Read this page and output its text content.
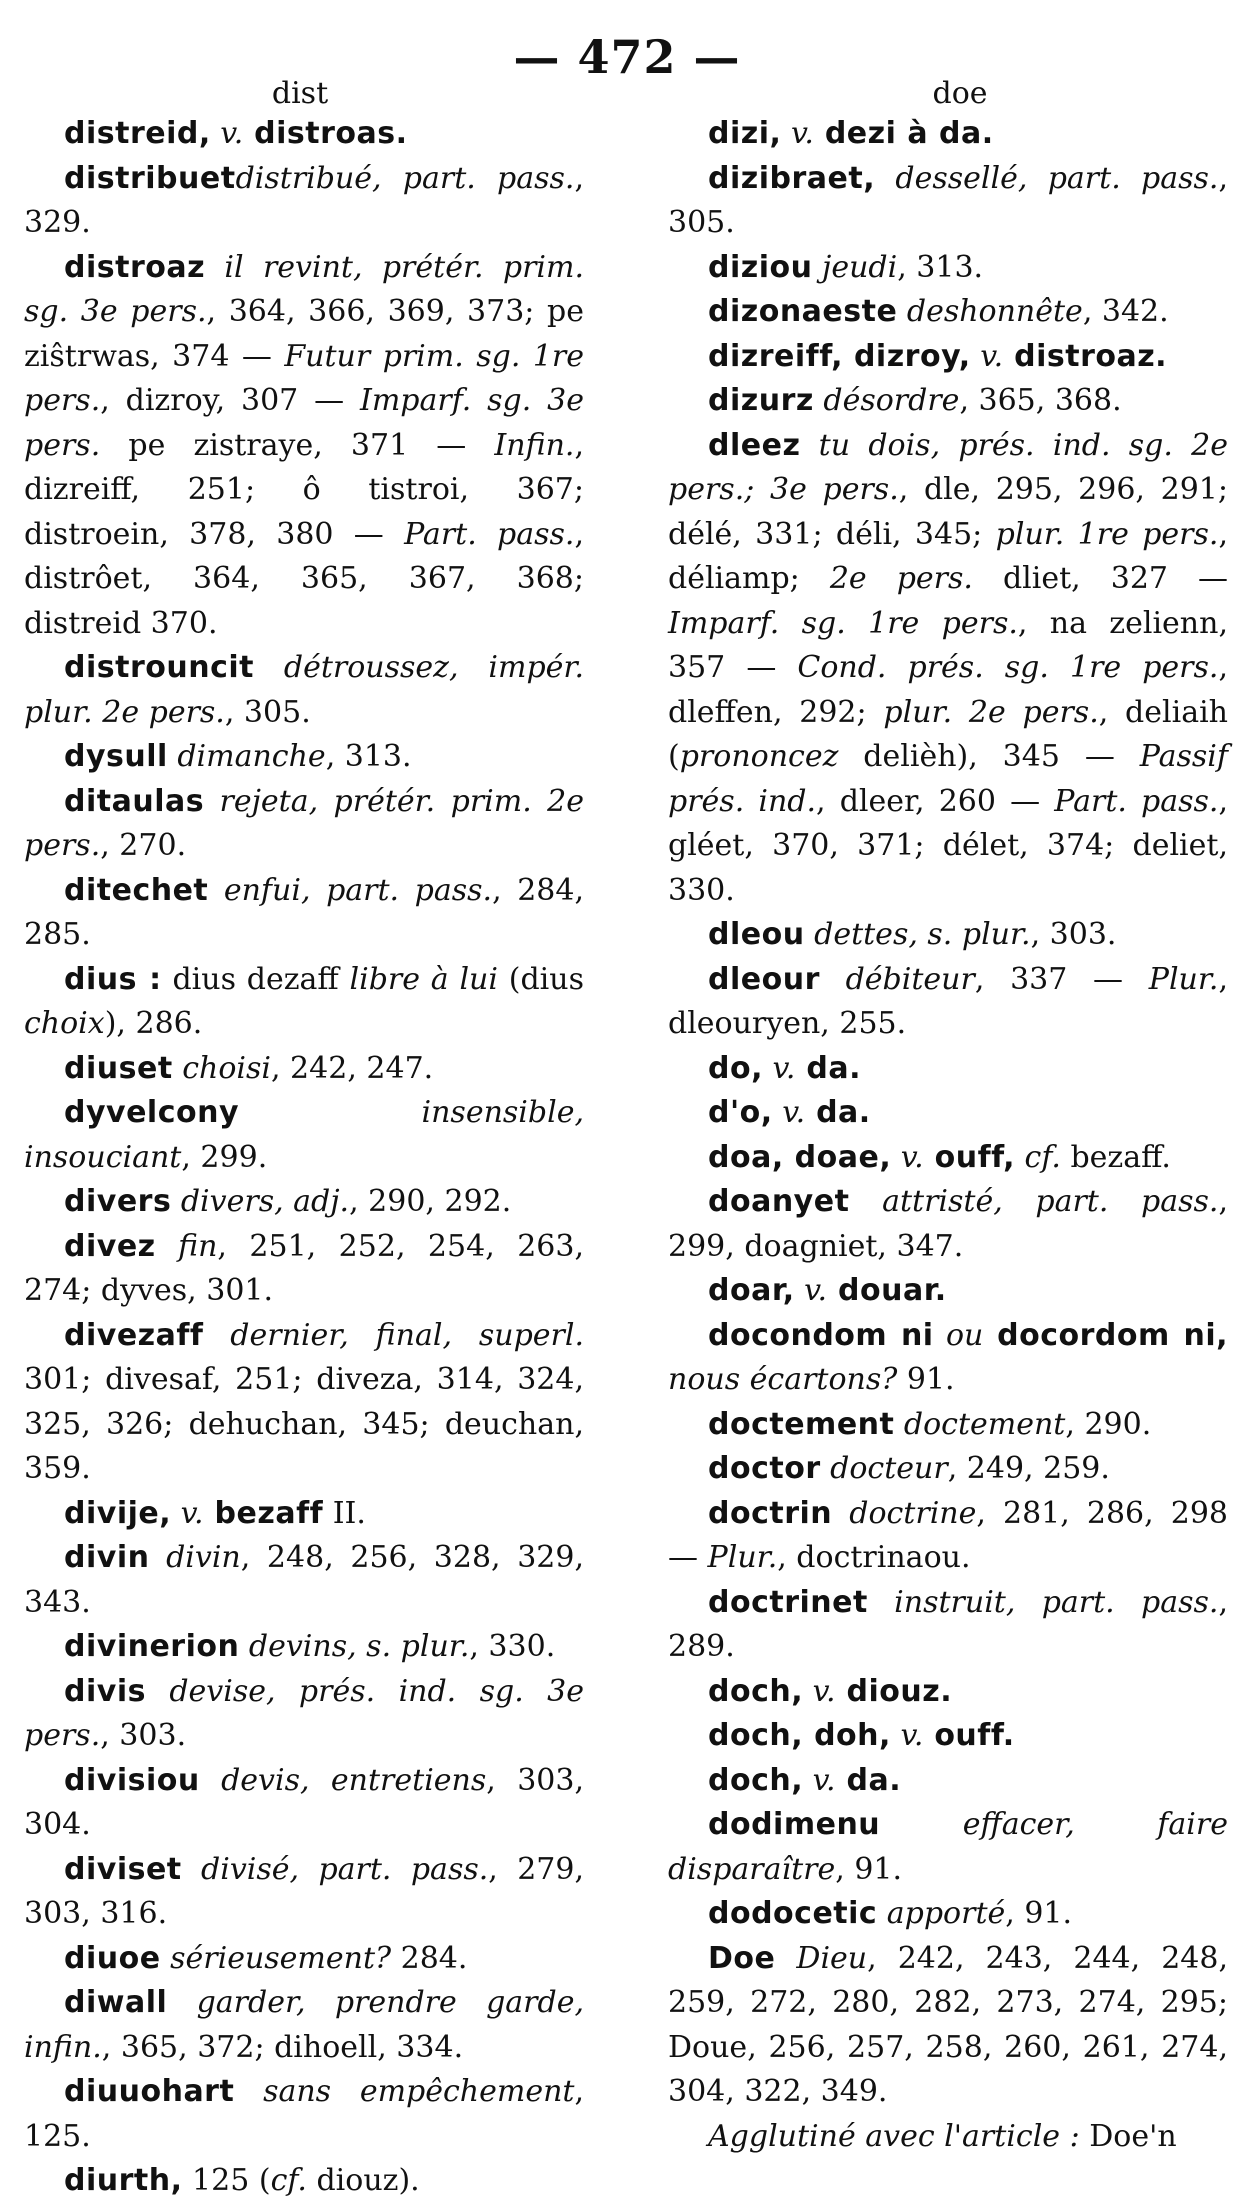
— 472 —
dist	doe

distreid, v. distroas.

distribuetdistribué, part. pass., 329.

distroaz il revint, prétér. prim. sg. 3e pers., 364, 366, 369, 373; pe ziŝtrwas, 374 — Futur prim. sg. 1re pers., dizroy, 307 — Imparf. sg. 3e pers. pe zistraye, 371 — Infin., dizreiff, 251; ô tistroi, 367; distroein, 378, 380 — Part. pass., distrôet, 364, 365, 367, 368; distreid 370.

distrouncit détroussez, impér. plur. 2e pers., 305.

dysull dimanche, 313.

ditaulas rejeta, prétér. prim. 2e pers., 270.

ditechet enfui, part. pass., 284, 285.

dius : dius dezaff libre à lui (dius choix), 286.

diuset choisi, 242, 247.

dyvelcony insensible, insouciant, 299.

divers divers, adj., 290, 292.

divez fin, 251, 252, 254, 263, 274; dyves, 301.

divezaff dernier, final, superl. 301; divesaf, 251; diveza, 314, 324, 325, 326; dehuchan, 345; deuchan, 359.

divije, v. bezaff II.

divin divin, 248, 256, 328, 329, 343.

divinerion devins, s. plur., 330.

divis devise, prés. ind. sg. 3e pers., 303.

divisiou devis, entretiens, 303, 304.

diviset divisé, part. pass., 279, 303, 316.

diuoe sérieusement? 284.

diwall garder, prendre garde, infin., 365, 372; dihoell, 334.

diuuohart sans empêchement, 125.

diurth, 125 (cf. diouz).

dizi, v. dezi à da.

dizibraet, dessellé, part. pass., 305.

diziou jeudi, 313.

dizonaeste deshonnête, 342.

dizreiff, dizroy, v. distroaz.

dizurz désordre, 365, 368.

dleez tu dois, prés. ind. sg. 2e pers.; 3e pers., dle, 295, 296, 291; délé, 331; déli, 345; plur. 1re pers., déliamp; 2e pers. dliet, 327 — Imparf. sg. 1re pers., na zelienn, 357 — Cond. prés. sg. 1re pers., dleffen, 292; plur. 2e pers., deliaih (prononcez delièh), 345 — Passif prés. ind., dleer, 260 — Part. pass., gléet, 370, 371; délet, 374; deliet, 330.

dleou dettes, s. plur., 303.

dleour débiteur, 337 — Plur., dleouryen, 255.

do, v. da.

d'o, v. da.

doa, doae, v. ouff, cf. bezaff.

doanyet attristé, part. pass., 299, doagniet, 347.

doar, v. douar.

docondom ni ou docordom ni, nous écartons? 91.

doctement doctement, 290.

doctor docteur, 249, 259.

doctrin doctrine, 281, 286, 298 — Plur., doctrinaou.

doctrinet instruit, part. pass., 289.

doch, v. diouz.

doch, doh, v. ouff.

doch, v. da.

dodimenu effacer, faire disparaître, 91.

dodocetic apporté, 91.

Doe Dieu, 242, 243, 244, 248, 259, 272, 280, 282, 273, 274, 295; Doue, 256, 257, 258, 260, 261, 274, 304, 322, 349.

Agglutiné avec l'article : Doe'n
